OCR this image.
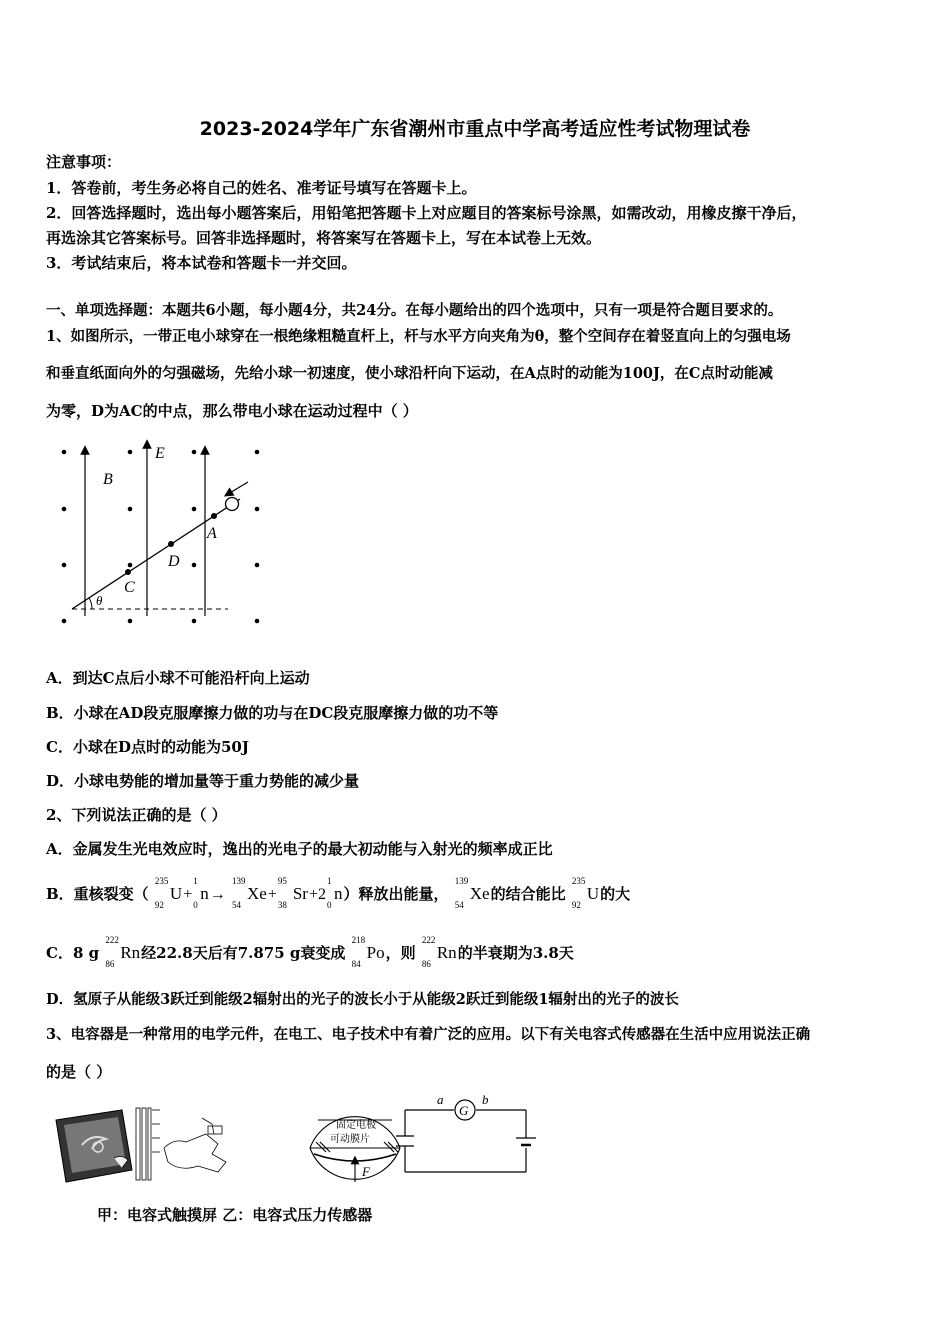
2023-2024学年广东省潮州市重点中学高考适应性考试物理试卷
注意事项：
1．答卷前，考生务必将自己的姓名、准考证号填写在答题卡上。
2．回答选择题时，选出每小题答案后，用铅笔把答题卡上对应题目的答案标号涂黑，如需改动，用橡皮擦干净后，
再选涂其它答案标号。回答非选择题时，将答案写在答题卡上，写在本试卷上无效。
3．考试结束后，将本试卷和答题卡一并交回。
一、单项选择题：本题共6小题，每小题4分，共24分。在每小题给出的四个选项中，只有一项是符合题目要求的。
1、如图所示，一带正电小球穿在一根绝缘粗糙直杆上，杆与水平方向夹角为θ，整个空间存在着竖直向上的匀强电场
和垂直纸面向外的匀强磁场，先给小球一初速度，使小球沿杆向下运动，在A点时的动能为100J，在C点时动能减
为零，D为AC的中点，那么带电小球在运动过程中（ ）
θ
B
E
A
D
C
A．到达C点后小球不可能沿杆向上运动
B．小球在AD段克服摩擦力做的功与在DC段克服摩擦力做的功不等
C．小球在D点时的动能为50J
D．小球电势能的增加量等于重力势能的减少量
2、下列说法正确的是（ ）
A．金属发生光电效应时，逸出的光电子的最大初动能与入射光的频率成正比
B．重核裂变（
235
92
U+
1
0
n→
139
54
Xe+
95
38
Sr+2
1
0
n）释放出能量，
139
54
Xe的结合能比
235
92
U的大
C．8 g
222
86
Rn经22.8天后有7.875 g衰变成
218
84
Po，则
222
86
Rn的半衰期为3.8天
D．氢原子从能级3跃迁到能级2辐射出的光子的波长小于从能级2跃迁到能级1辐射出的光子的波长
3、电容器是一种常用的电学元件，在电工、电子技术中有着广泛的应用。以下有关电容式传感器在生活中应用说法正确
的是（ ）
固定电极
可动膜片
F
G
a	b
甲：电容式触摸屏 乙：电容式压力传感器
